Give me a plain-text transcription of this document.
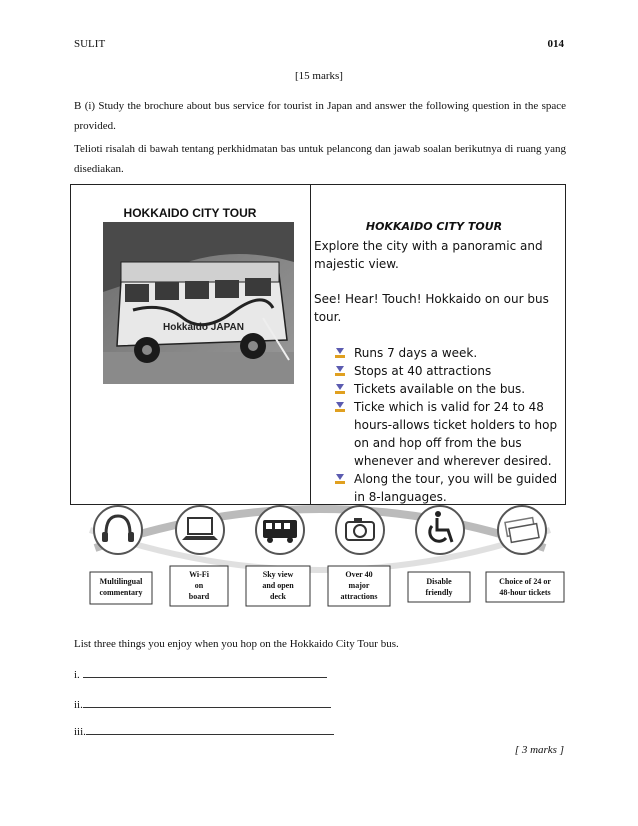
SULIT	014
[15 marks]
B (i) Study the brochure about bus service for tourist in Japan and answer the following question in the space provided.
Telioti risalah di bawah tentang perkhidmatan bas untuk pelancong dan jawab soalan berikutnya di ruang yang disediakan.
HOKKAIDO CITY TOUR
Hokkaido JAPAN
HOKKAIDO CITY TOUR
Explore the city with a panoramic and majestic view.
See! Hear! Touch! Hokkaido on our bus tour.
Runs 7 days a week.
Stops at 40 attractions
Tickets available on the bus.
Ticke which is valid for 24 to 48 hours-allows ticket holders to hop on and hop off from the bus whenever and wherever desired.
Along the tour, you will be guided in 8-languages.
Multilingual
commentary
Wi-Fi
on
board
Sky view
and open
deck
Over 40
major
attractions
Disable
friendly
Choice of 24 or
48-hour tickets
List three things you enjoy when you hop on the Hokkaido City Tour bus.
i.
ii.
iii.
[ 3 marks ]
